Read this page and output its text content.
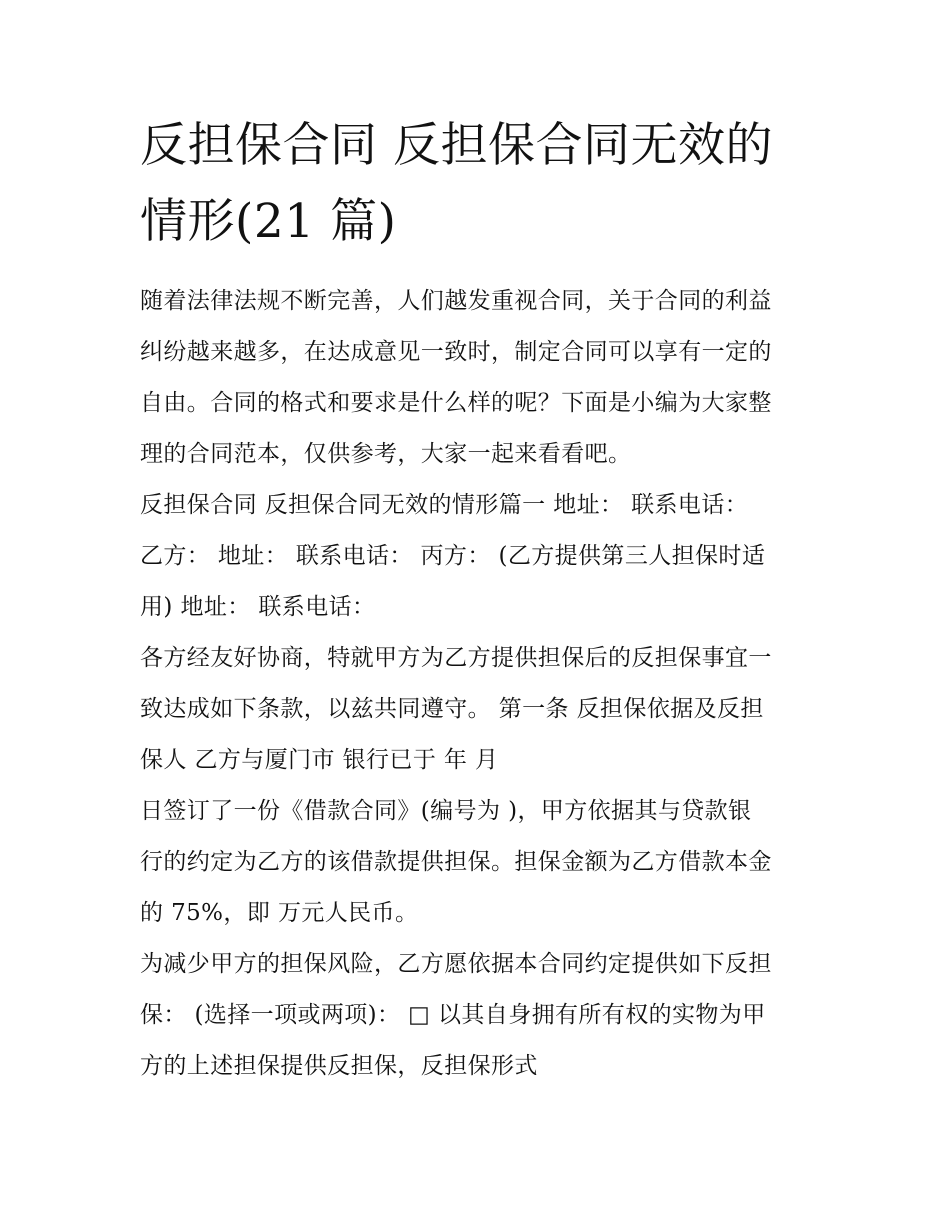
反担保合同 反担保合同无效的
情形(21 篇)
随着法律法规不断完善，人们越发重视合同，关于合同的利益
纠纷越来越多，在达成意见一致时，制定合同可以享有一定的
自由。合同的格式和要求是什么样的呢？下面是小编为大家整
理的合同范本，仅供参考，大家一起来看看吧。
反担保合同 反担保合同无效的情形篇一 地址： 联系电话：
乙方： 地址： 联系电话： 丙方： (乙方提供第三人担保时适
用) 地址： 联系电话：
各方经友好协商，特就甲方为乙方提供担保后的反担保事宜一
致达成如下条款，以兹共同遵守。 第一条 反担保依据及反担
保人 乙方与厦门市 银行已于 年 月
日签订了一份《借款合同》(编号为 )，甲方依据其与贷款银
行的约定为乙方的该借款提供担保。担保金额为乙方借款本金
的 75%，即 万元人民币。
为减少甲方的担保风险，乙方愿依据本合同约定提供如下反担
保： (选择一项或两项)： □ 以其自身拥有所有权的实物为甲
方的上述担保提供反担保，反担保形式
